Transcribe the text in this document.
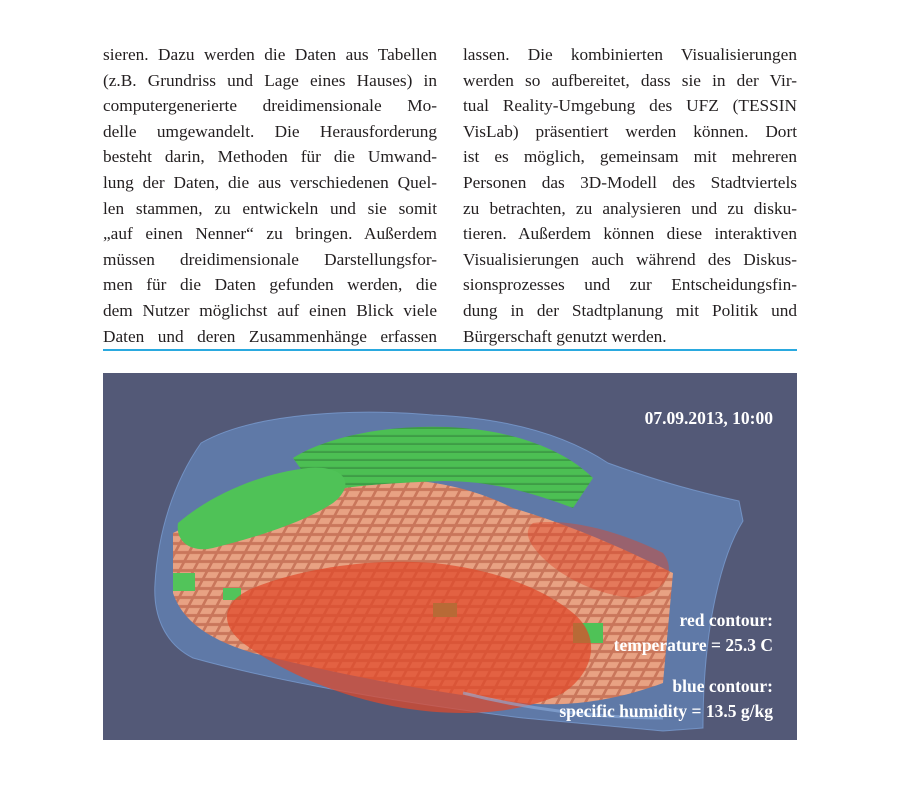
sieren. Dazu werden die Daten aus Tabellen
(z.B. Grundriss und Lage eines Hauses) in
computergenerierte dreidimensionale Mo-
delle umgewandelt. Die Herausforderung
besteht darin, Methoden für die Umwand-
lung der Daten, die aus verschiedenen Quel-
len stammen, zu entwickeln und sie somit
„auf einen Nenner“ zu bringen. Außerdem
müssen dreidimensionale Darstellungsfor-
men für die Daten gefunden werden, die
dem Nutzer möglichst auf einen Blick viele
Daten und deren Zusammenhänge erfassen

lassen. Die kombinierten Visualisierungen
werden so aufbereitet, dass sie in der Vir-
tual Reality-Umgebung des UFZ (TESSIN
VisLab) präsentiert werden können. Dort
ist es möglich, gemeinsam mit mehreren
Personen das 3D-Modell des Stadtviertels
zu betrachten, zu analysieren und zu disku-
tieren. Außerdem können diese interaktiven
Visualisierungen auch während des Diskus-
sionsprozesses und zur Entscheidungsfin-
dung in der Stadtplanung mit Politik und
Bürgerschaft genutzt werden.

07.09.2013, 10:00
red contour:
temperature = 25.3 C
blue contour:
specific humidity = 13.5 g/kg
